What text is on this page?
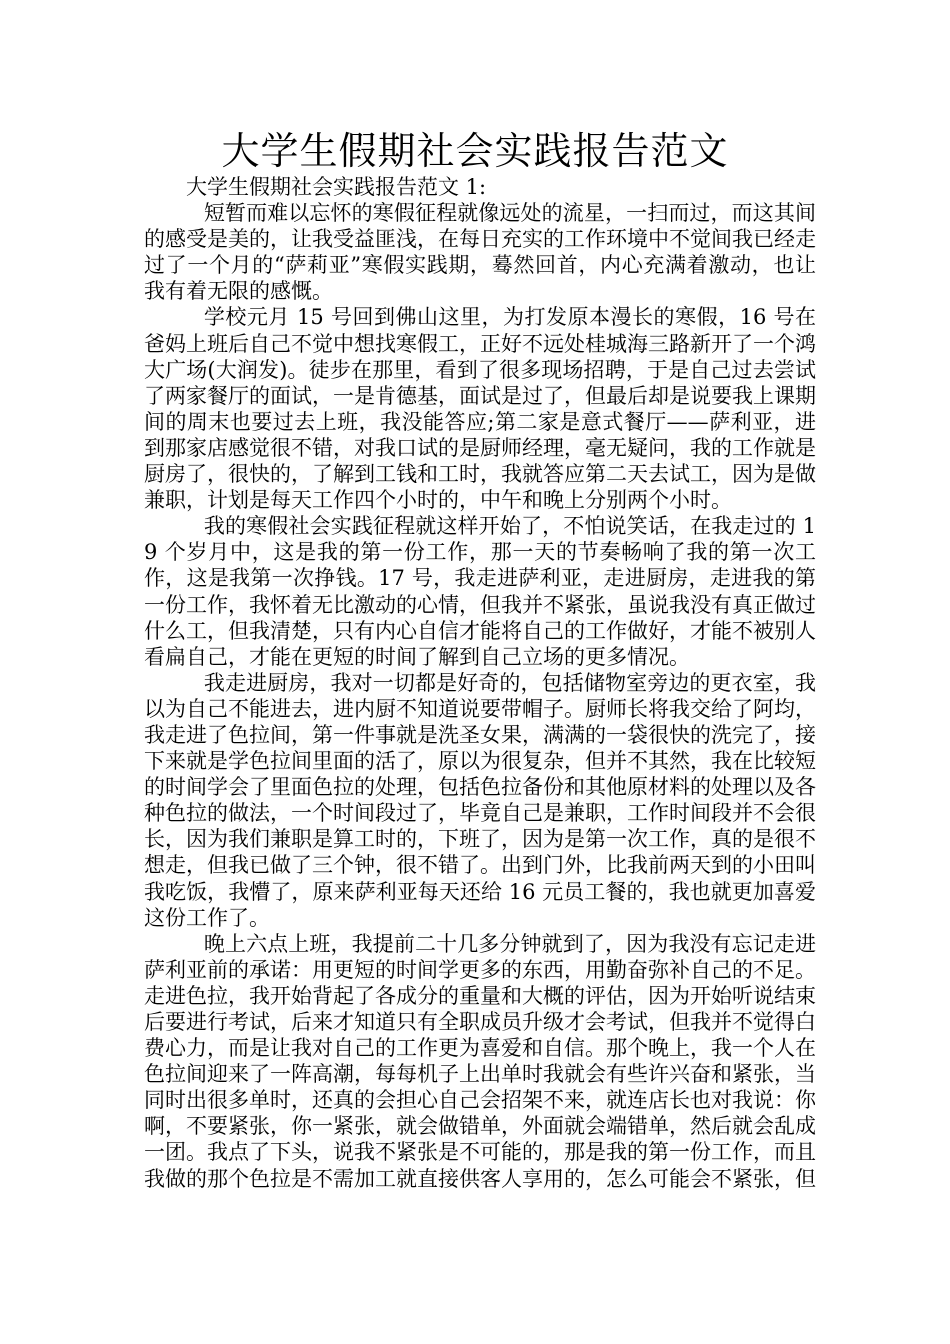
大学生假期社会实践报告范文

大学生假期社会实践报告范文 1:

短暂而难以忘怀的寒假征程就像远处的流星，一扫而过，而这其间的感受是美的，让我受益匪浅，在每日充实的工作环境中不觉间我已经走过了一个月的“萨莉亚”寒假实践期，蓦然回首，内心充满着激动，也让我有着无限的感慨。

学校元月 15 号回到佛山这里，为打发原本漫长的寒假，16 号在爸妈上班后自己不觉中想找寒假工，正好不远处桂城海三路新开了一个鸿大广场(大润发)。徒步在那里，看到了很多现场招聘，于是自己过去尝试了两家餐厅的面试，一是肯德基，面试是过了，但最后却是说要我上课期间的周末也要过去上班，我没能答应;第二家是意式餐厅——萨利亚，进到那家店感觉很不错，对我口试的是厨师经理，毫无疑问，我的工作就是厨房了，很快的，了解到工钱和工时，我就答应第二天去试工，因为是做兼职，计划是每天工作四个小时的，中午和晚上分别两个小时。

我的寒假社会实践征程就这样开始了，不怕说笑话，在我走过的 19 个岁月中，这是我的第一份工作，那一天的节奏畅响了我的第一次工作，这是我第一次挣钱。17 号，我走进萨利亚，走进厨房，走进我的第一份工作，我怀着无比激动的心情，但我并不紧张，虽说我没有真正做过什么工，但我清楚，只有内心自信才能将自己的工作做好，才能不被别人看扁自己，才能在更短的时间了解到自己立场的更多情况。

我走进厨房，我对一切都是好奇的，包括储物室旁边的更衣室，我以为自己不能进去，进内厨不知道说要带帽子。厨师长将我交给了阿均，我走进了色拉间，第一件事就是洗圣女果，满满的一袋很快的洗完了，接下来就是学色拉间里面的活了，原以为很复杂，但并不其然，我在比较短的时间学会了里面色拉的处理，包括色拉备份和其他原材料的处理以及各种色拉的做法，一个时间段过了，毕竟自己是兼职，工作时间段并不会很长，因为我们兼职是算工时的，下班了，因为是第一次工作，真的是很不想走，但我已做了三个钟，很不错了。出到门外，比我前两天到的小田叫我吃饭，我懵了，原来萨利亚每天还给 16 元员工餐的，我也就更加喜爱这份工作了。

晚上六点上班，我提前二十几多分钟就到了，因为我没有忘记走进萨利亚前的承诺：用更短的时间学更多的东西，用勤奋弥补自己的不足。走进色拉，我开始背起了各成分的重量和大概的评估，因为开始听说结束后要进行考试，后来才知道只有全职成员升级才会考试，但我并不觉得白费心力，而是让我对自己的工作更为喜爱和自信。那个晚上，我一个人在色拉间迎来了一阵高潮，每每机子上出单时我就会有些许兴奋和紧张，当同时出很多单时，还真的会担心自己会招架不来，就连店长也对我说：你啊，不要紧张，你一紧张，就会做错单，外面就会端错单，然后就会乱成一团。我点了下头，说我不紧张是不可能的，那是我的第一份工作，而且我做的那个色拉是不需加工就直接供客人享用的，怎么可能会不紧张，但
